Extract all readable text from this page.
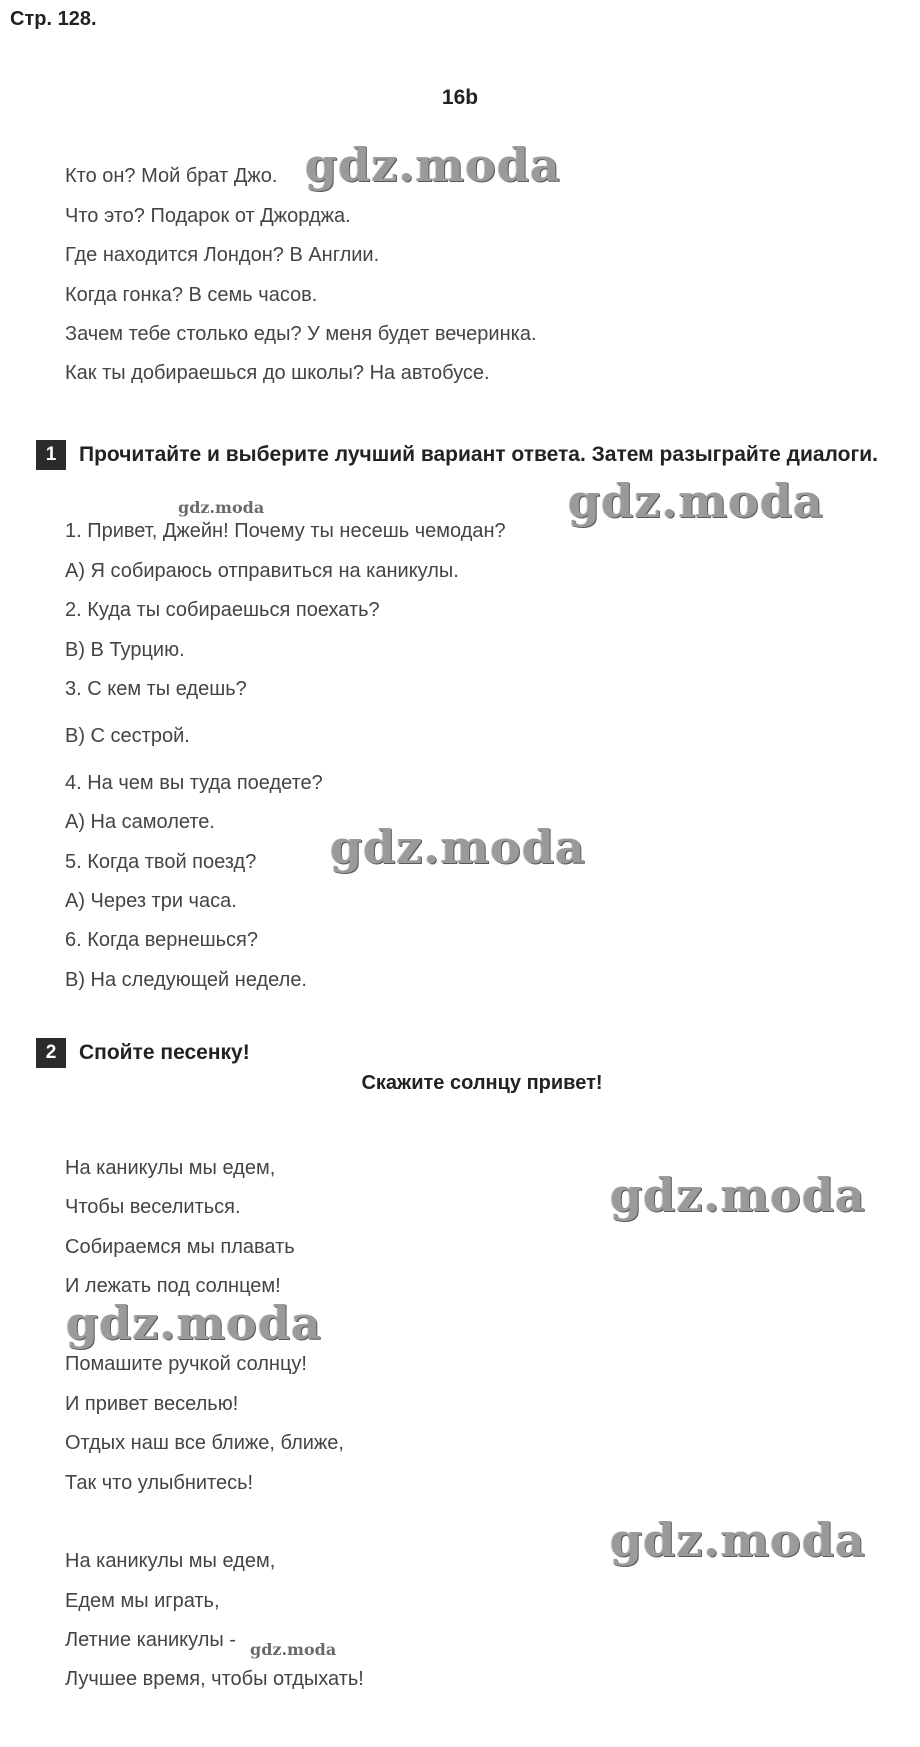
Стр. 128.
16b
Кто он? Мой брат Джо.
Что это? Подарок от Джорджа.
Где находится Лондон? В Англии.
Когда гонка? В семь часов.
Зачем тебе столько еды? У меня будет вечеринка.
Как ты добираешься до школы? На автобусе.
1	Прочитайте и выберите лучший вариант ответа. Затем разыграйте диалоги.
1. Привет, Джейн! Почему ты несешь чемодан?
A) Я собираюсь отправиться на каникулы.
2. Куда ты собираешься поехать?
B) В Турцию.
3. С кем ты едешь?
B) С сестрой.
4. На чем вы туда поедете?
A) На самолете.
5. Когда твой поезд?
A) Через три часа.
6. Когда вернешься?
B) На следующей неделе.
2	Спойте песенку!
Скажите солнцу привет!
На каникулы мы едем,
Чтобы веселиться.
Собираемся мы плавать
И лежать под солнцем!
Помашите ручкой солнцу!
И привет веселью!
Отдых наш все ближе, ближе,
Так что улыбнитесь!
На каникулы мы едем,
Едем мы играть,
Летние каникулы -
Лучшее время, чтобы отдыхать!
gdz.moda
gdz.moda
gdz.moda
gdz.moda
gdz.moda
gdz.moda
gdz.moda
gdz.moda
